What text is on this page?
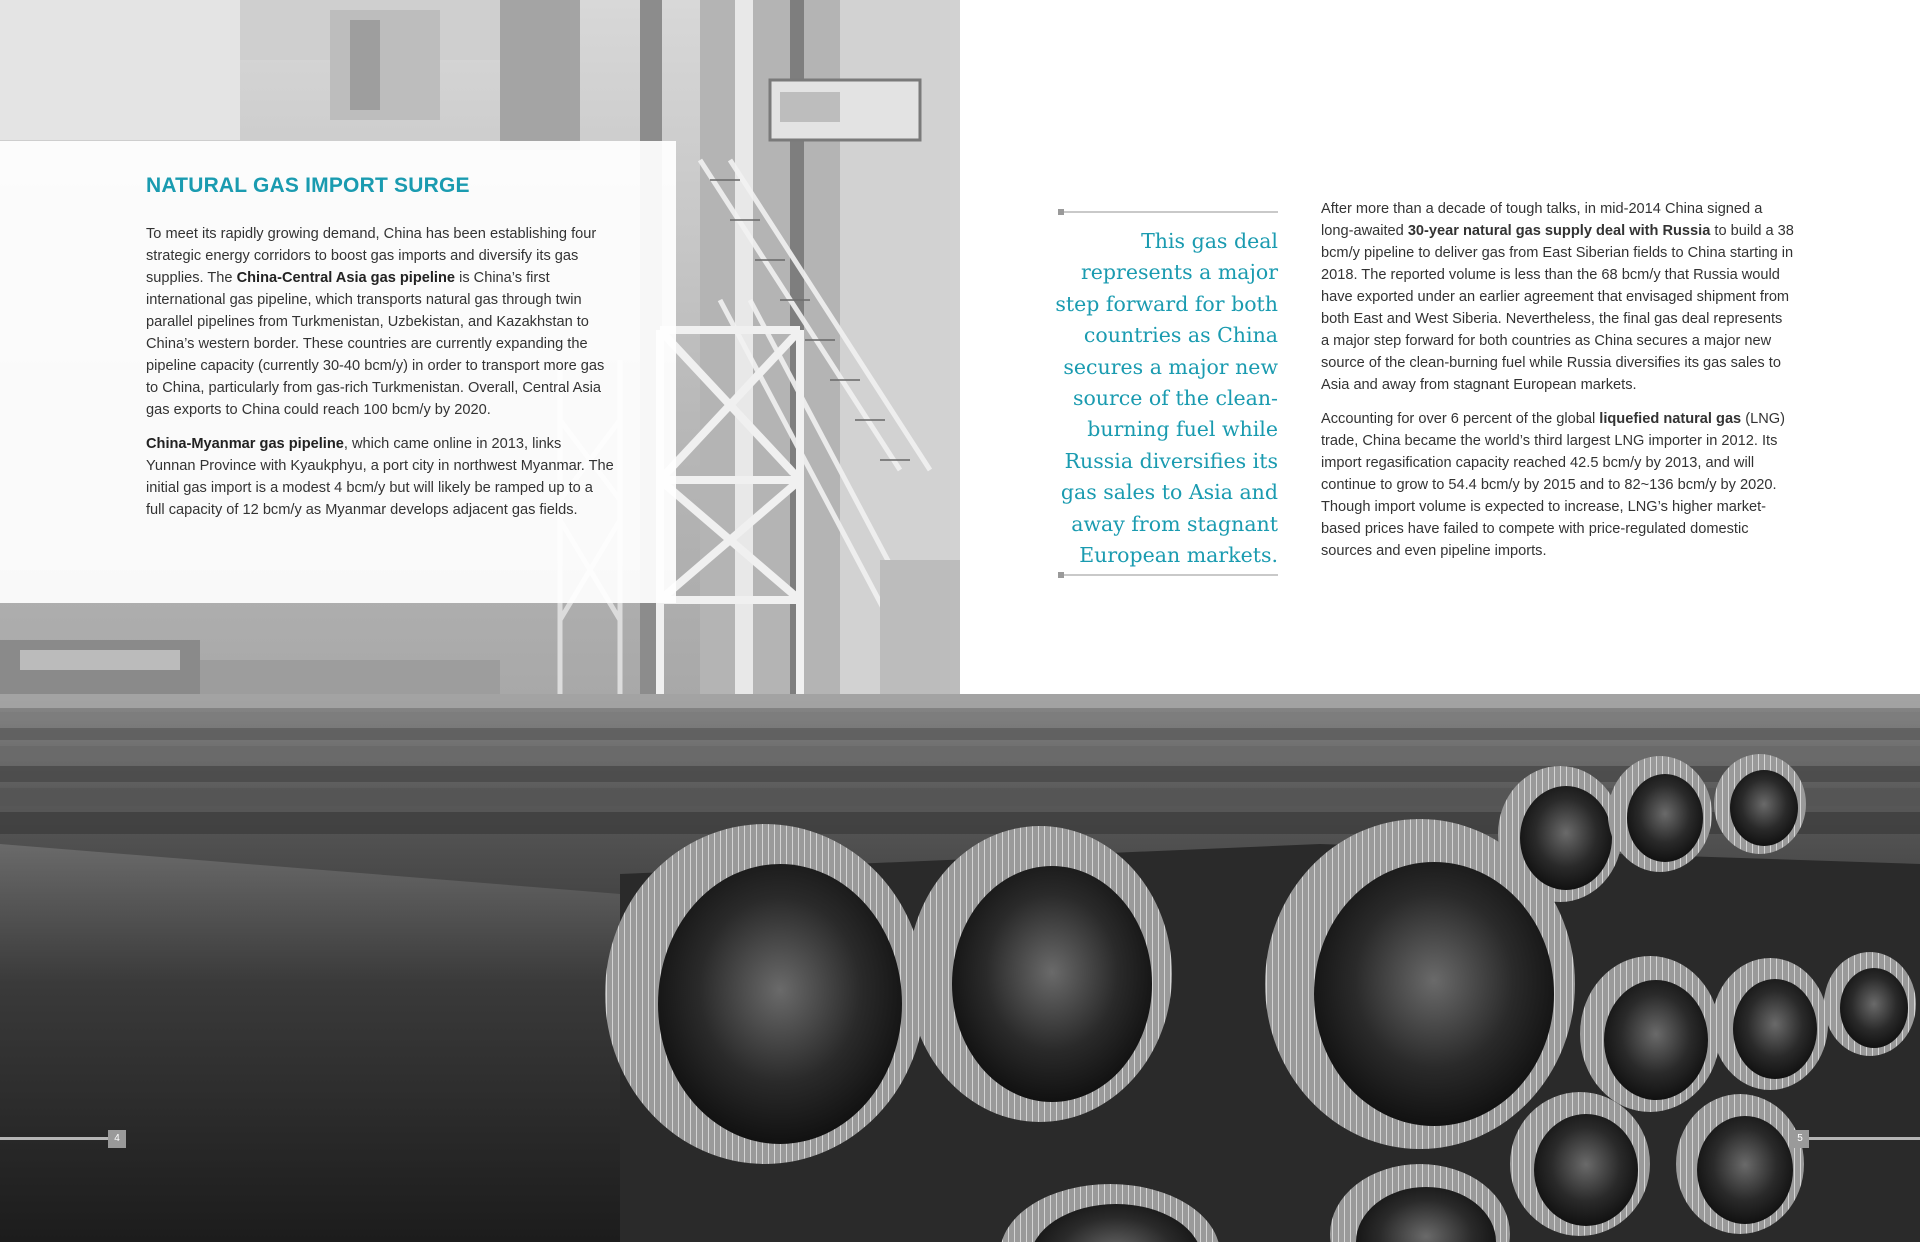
NATURAL GAS IMPORT SURGE

To meet its rapidly growing demand, China has been establishing four strategic energy corridors to boost gas imports and diversify its gas supplies. The China-Central Asia gas pipeline is China’s first international gas pipeline, which transports natural gas through twin parallel pipelines from Turkmenistan, Uzbekistan, and Kazakhstan to China’s western border. These countries are currently expanding the pipeline capacity (currently 30-40 bcm/y) in order to transport more gas to China, particularly from gas-rich Turkmenistan. Overall, Central Asia gas exports to China could reach 100 bcm/y by 2020.

China-Myanmar gas pipeline, which came online in 2013, links Yunnan Province with Kyaukphyu, a port city in northwest Myanmar. The initial gas import is a modest 4 bcm/y but will likely be ramped up to a full capacity of 12 bcm/y as Myanmar develops adjacent gas fields.

This gas deal represents a major step forward for both countries as China secures a major new source of the clean-burning fuel while Russia diversifies its gas sales to Asia and away from stagnant European markets.

After more than a decade of tough talks, in mid-2014 China signed a long-awaited 30-year natural gas supply deal with Russia to build a 38 bcm/y pipeline to deliver gas from East Siberian fields to China starting in 2018. The reported volume is less than the 68 bcm/y that Russia would have exported under an earlier agreement that envisaged shipment from both East and West Siberia. Nevertheless, the final gas deal represents a major step forward for both countries as China secures a major new source of the clean-burning fuel while Russia diversifies its gas sales to Asia and away from stagnant European markets.

Accounting for over 6 percent of the global liquefied natural gas (LNG) trade, China became the world’s third largest LNG importer in 2012. Its import regasification capacity reached 42.5 bcm/y by 2013, and will continue to grow to 54.4 bcm/y by 2015 and to 82~136 bcm/y by 2020. Though import volume is expected to increase, LNG’s higher market-based prices have failed to compete with price-regulated domestic sources and even pipeline imports.

4	5
